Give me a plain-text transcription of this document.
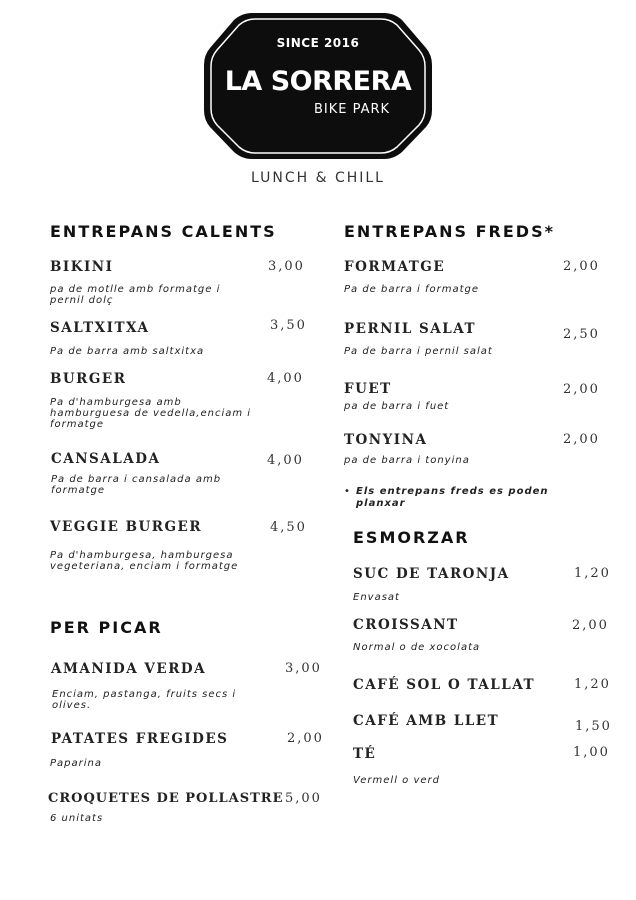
SINCE 2016
LA SORRERA
BIKE PARK
LUNCH & CHILL
ENTREPANS CALENTS
BIKINI	3,00
pa de motlle amb formatge i pernil dolç
SALTXITXA	3,50
Pa de barra amb saltxitxa
BURGER	4,00
Pa d'hamburgesa amb hamburguesa de vedella,enciam i formatge
CANSALADA	4,00
Pa de barra i cansalada amb formatge
VEGGIE BURGER	4,50
Pa d'hamburgesa, hamburgesa vegeteriana, enciam i formatge
PER PICAR
AMANIDA VERDA	3,00
Enciam, pastanga, fruits secs i olives.
PATATES FREGIDES	2,00
Paparina
CROQUETES DE POLLASTRE 5,00
6 unitats
ENTREPANS FREDS*
FORMATGE	2,00
Pa de barra i formatge
PERNIL SALAT	2,50
Pa de barra i pernil salat
FUET	2,00
pa de barra i fuet
TONYINA	2,00
pa de barra i tonyina
• Els entrepans freds es poden planxar
ESMORZAR
SUC DE TARONJA	1,20
Envasat
CROISSANT	2,00
Normal o de xocolata
CAFÉ SOL O TALLAT	1,20
CAFÉ AMB LLET	1,50
TÉ	1,00
Vermell o verd
